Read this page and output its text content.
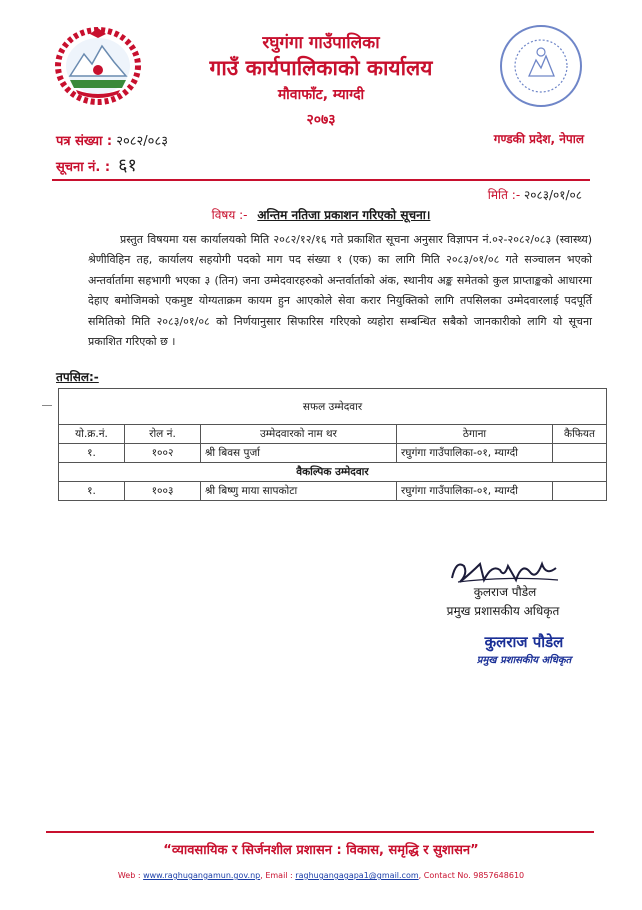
रघुगंगा गाउँपालिका
गाउँ कार्यपालिकाको कार्यालय
मौवाफाँट, म्याग्दी
२०७३
पत्र संख्या : २०८२/०८३
सूचना नं. : ६१
गण्डकी प्रदेश, नेपाल
मिति :- २०८३/०१/०८
विषय :- अन्तिम नतिजा प्रकाशन गरिएको सूचना।
प्रस्तुत विषयमा यस कार्यालयको मिति २०८२/१२/१६ गते प्रकाशित सूचना अनुसार विज्ञापन नं.०२-२०८२/०८३ (स्वास्थ्य) श्रेणीविहिन तह, कार्यालय सहयोगी पदको माग पद संख्या १ (एक) का लागि मिति २०८३/०१/०८ गते सञ्चालन भएको अन्तर्वार्तामा सहभागी भएका ३ (तिन) जना उम्मेदवारहरुको अन्तर्वार्ताको अंक, स्थानीय अङ्क समेतको कुल प्राप्ताङ्कको आधारमा देहाए बमोजिमको एकमुष्ट योग्यताक्रम कायम हुन आएकोले सेवा करार नियुक्तिको लागि तपसिलका उम्मेदवारलाई पदपूर्ति समितिको मिति २०८३/०१/०८ को निर्णयानुसार सिफारिस गरिएको व्यहोरा सम्बन्धित सबैको जानकारीको लागि यो सूचना प्रकाशित गरिएको छ ।
तपसिल:-
सफल उम्मेदवार				
यो.क्र.नं.	रोल नं.	उम्मेदवारको नाम थर	ठेगाना	कैफियत
१.	१००२	श्री बिवस पुर्जा	रघुगंगा गाउँपालिका-०१, म्याग्दी	
वैकल्पिक उम्मेदवार				
१.	१००३	श्री बिष्णु माया सापकोटा	रघुगंगा गाउँपालिका-०१, म्याग्दी	
कुलराज पौडेल
प्रमुख प्रशासकीय अधिकृत
कुलराज पौडेल
प्रमुख प्रशासकीय अधिकृत
“व्यावसायिक र सिर्जनशील प्रशासन : विकास, समृद्धि र सुशासन”
Web : www.raghugangamun.gov.np, Email : raghugangagapa1@gmail.com, Contact No. 9857648610
